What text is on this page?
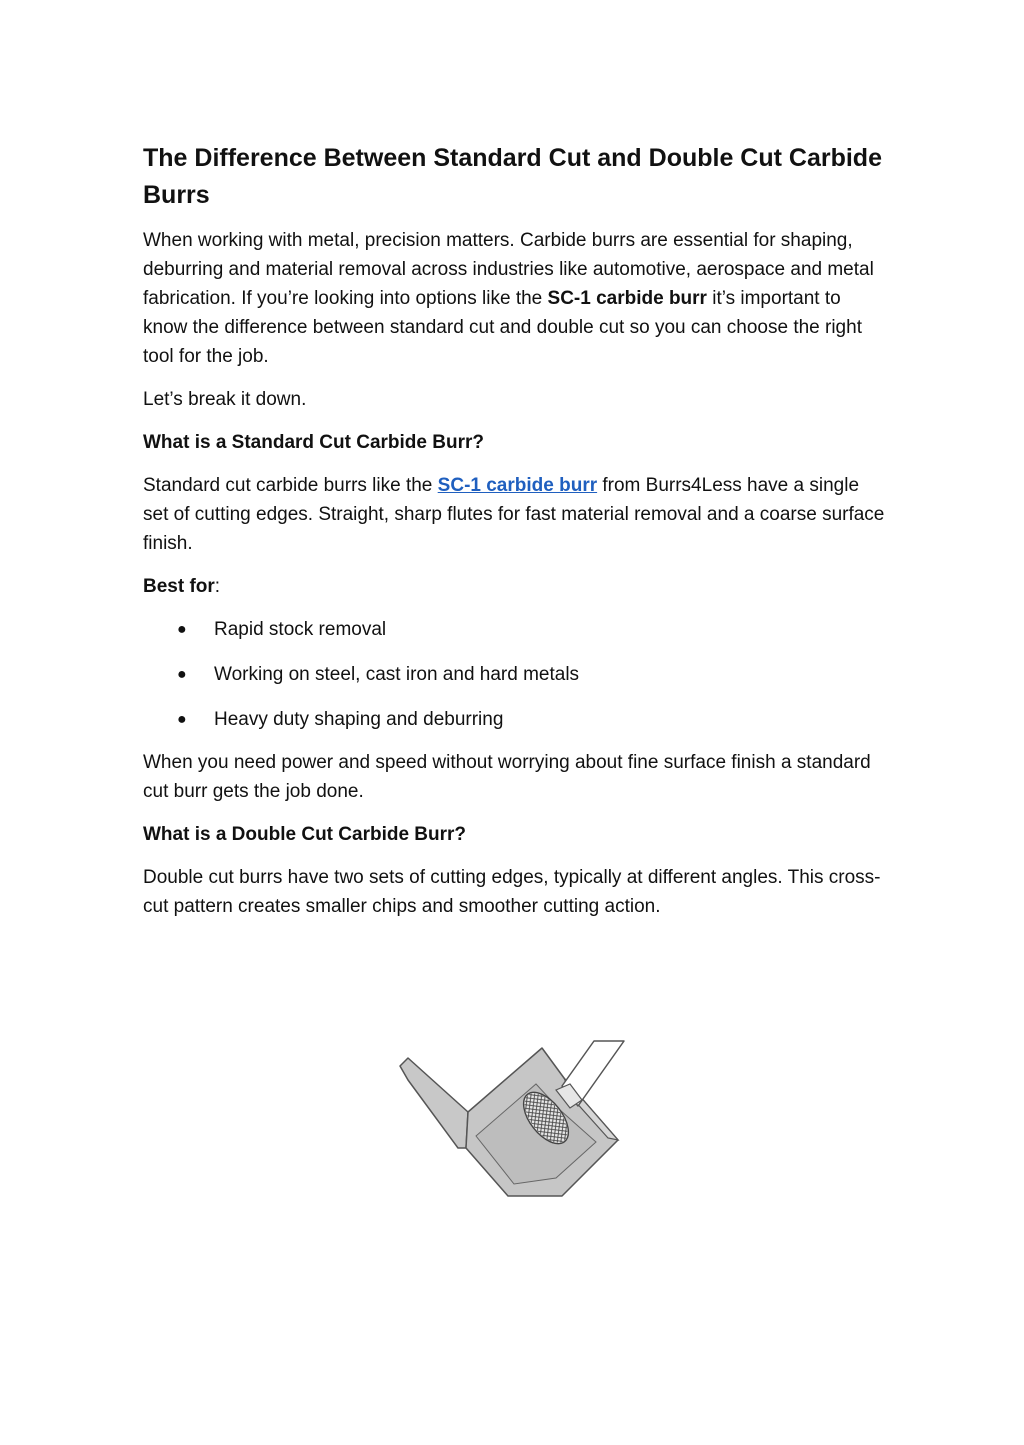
The Difference Between Standard Cut and Double Cut Carbide Burrs

When working with metal, precision matters. Carbide burrs are essential for shaping, deburring and material removal across industries like automotive, aerospace and metal fabrication. If you’re looking into options like the SC-1 carbide burr it’s important to know the difference between standard cut and double cut so you can choose the right tool for the job.

Let’s break it down.

What is a Standard Cut Carbide Burr?

Standard cut carbide burrs like the SC-1 carbide burr from Burrs4Less have a single set of cutting edges. Straight, sharp flutes for fast material removal and a coarse surface finish.

Best for:

● Rapid stock removal
● Working on steel, cast iron and hard metals
● Heavy duty shaping and deburring

When you need power and speed without worrying about fine surface finish a standard cut burr gets the job done.

What is a Double Cut Carbide Burr?

Double cut burrs have two sets of cutting edges, typically at different angles. This cross-cut pattern creates smaller chips and smoother cutting action.
